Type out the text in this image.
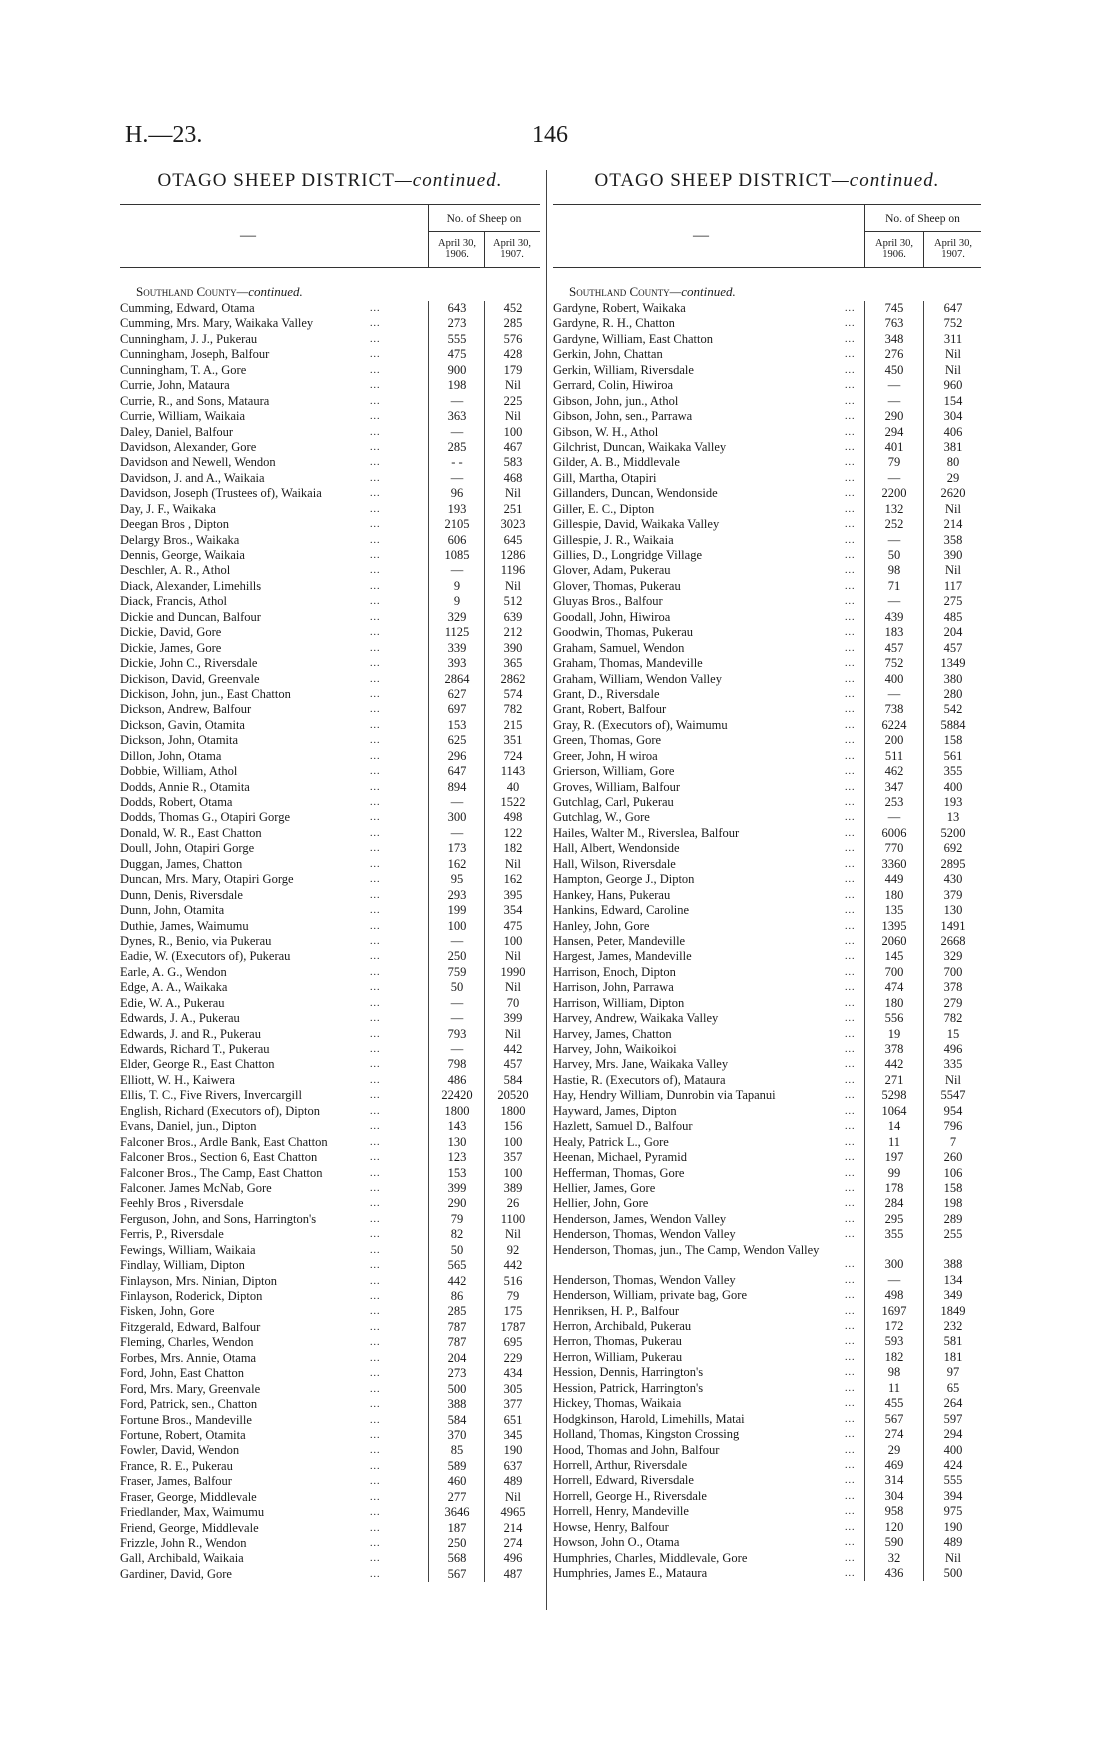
H.—23.	146
OTAGO SHEEP DISTRICT—continued.
—
No. of Sheep on
April 30, 1906.
April 30, 1907.
Southland County—continued.
Cumming, Edward, Otama	...	643	452
Cumming, Mrs. Mary, Waikaka Valley	...	273	285
Cunningham, J. J., Pukerau	...	555	576
Cunningham, Joseph, Balfour	...	475	428
Cunningham, T. A., Gore	...	900	179
Currie, John, Mataura	...	198	Nil
Currie, R., and Sons, Mataura	...	—	225
Currie, William, Waikaia	...	363	Nil
Daley, Daniel, Balfour	...	—	100
Davidson, Alexander, Gore	...	285	467
Davidson and Newell, Wendon	...	- -	583
Davidson, J. and A., Waikaia	...	—	468
Davidson, Joseph (Trustees of), Waikaia	...	96	Nil
Day, J. F., Waikaka	...	193	251
Deegan Bros , Dipton	...	2105	3023
Delargy Bros., Waikaka	...	606	645
Dennis, George, Waikaia	...	1085	1286
Deschler, A. R., Athol	...	—	1196
Diack, Alexander, Limehills	...	9	Nil
Diack, Francis, Athol	...	9	512
Dickie and Duncan, Balfour	...	329	639
Dickie, David, Gore	...	1125	212
Dickie, James, Gore	...	339	390
Dickie, John C., Riversdale	...	393	365
Dickison, David, Greenvale	...	2864	2862
Dickison, John, jun., East Chatton	...	627	574
Dickson, Andrew, Balfour	...	697	782
Dickson, Gavin, Otamita	...	153	215
Dickson, John, Otamita	...	625	351
Dillon, John, Otama	...	296	724
Dobbie, William, Athol	...	647	1143
Dodds, Annie R., Otamita	...	894	40
Dodds, Robert, Otama	...	—	1522
Dodds, Thomas G., Otapiri Gorge	...	300	498
Donald, W. R., East Chatton	...	—	122
Doull, John, Otapiri Gorge	...	173	182
Duggan, James, Chatton	...	162	Nil
Duncan, Mrs. Mary, Otapiri Gorge	...	95	162
Dunn, Denis, Riversdale	...	293	395
Dunn, John, Otamita	...	199	354
Duthie, James, Waimumu	...	100	475
Dynes, R., Benio, via Pukerau	...	—	100
Eadie, W. (Executors of), Pukerau	...	250	Nil
Earle, A. G., Wendon	...	759	1990
Edge, A. A., Waikaka	...	50	Nil
Edie, W. A., Pukerau	...	—	70
Edwards, J. A., Pukerau	...	—	399
Edwards, J. and R., Pukerau	...	793	Nil
Edwards, Richard T., Pukerau	...	—	442
Elder, George R., East Chatton	...	798	457
Elliott, W. H., Kaiwera	...	486	584
Ellis, T. C., Five Rivers, Invercargill	...	22420	20520
English, Richard (Executors of), Dipton	...	1800	1800
Evans, Daniel, jun., Dipton	...	143	156
Falconer Bros., Ardle Bank, East Chatton	...	130	100
Falconer Bros., Section 6, East Chatton	...	123	357
Falconer Bros., The Camp, East Chatton	...	153	100
Falconer. James McNab, Gore	...	399	389
Feehly Bros , Riversdale	...	290	26
Ferguson, John, and Sons, Harrington's	...	79	1100
Ferris, P., Riversdale	...	82	Nil
Fewings, William, Waikaia	...	50	92
Findlay, William, Dipton	...	565	442
Finlayson, Mrs. Ninian, Dipton	...	442	516
Finlayson, Roderick, Dipton	...	86	79
Fisken, John, Gore	...	285	175
Fitzgerald, Edward, Balfour	...	787	1787
Fleming, Charles, Wendon	...	787	695
Forbes, Mrs. Annie, Otama	...	204	229
Ford, John, East Chatton	...	273	434
Ford, Mrs. Mary, Greenvale	...	500	305
Ford, Patrick, sen., Chatton	...	388	377
Fortune Bros., Mandeville	...	584	651
Fortune, Robert, Otamita	...	370	345
Fowler, David, Wendon	...	85	190
France, R. E., Pukerau	...	589	637
Fraser, James, Balfour	...	460	489
Fraser, George, Middlevale	...	277	Nil
Friedlander, Max, Waimumu	...	3646	4965
Friend, George, Middlevale	...	187	214
Frizzle, John R., Wendon	...	250	274
Gall, Archibald, Waikaia	...	568	496
Gardiner, David, Gore	...	567	487
OTAGO SHEEP DISTRICT—continued.
—
No. of Sheep on
April 30, 1906.
April 30, 1907.
Southland County—continued.
Gardyne, Robert, Waikaka	...	745	647
Gardyne, R. H., Chatton	...	763	752
Gardyne, William, East Chatton	...	348	311
Gerkin, John, Chattan	...	276	Nil
Gerkin, William, Riversdale	...	450	Nil
Gerrard, Colin, Hiwiroa	...	—	960
Gibson, John, jun., Athol	...	—	154
Gibson, John, sen., Parrawa	...	290	304
Gibson, W. H., Athol	...	294	406
Gilchrist, Duncan, Waikaka Valley	...	401	381
Gilder, A. B., Middlevale	...	79	80
Gill, Martha, Otapiri	...	—	29
Gillanders, Duncan, Wendonside	...	2200	2620
Giller, E. C., Dipton	...	132	Nil
Gillespie, David, Waikaka Valley	...	252	214
Gillespie, J. R., Waikaia	...	—	358
Gillies, D., Longridge Village	...	50	390
Glover, Adam, Pukerau	...	98	Nil
Glover, Thomas, Pukerau	...	71	117
Gluyas Bros., Balfour	...	—	275
Goodall, John, Hiwiroa	...	439	485
Goodwin, Thomas, Pukerau	...	183	204
Graham, Samuel, Wendon	...	457	457
Graham, Thomas, Mandeville	...	752	1349
Graham, William, Wendon Valley	...	400	380
Grant, D., Riversdale	...	—	280
Grant, Robert, Balfour	...	738	542
Gray, R. (Executors of), Waimumu	...	6224	5884
Green, Thomas, Gore	...	200	158
Greer, John, H wiroa	...	511	561
Grierson, William, Gore	...	462	355
Groves, William, Balfour	...	347	400
Gutchlag, Carl, Pukerau	...	253	193
Gutchlag, W., Gore	...	—	13
Hailes, Walter M., Riverslea, Balfour	...	6006	5200
Hall, Albert, Wendonside	...	770	692
Hall, Wilson, Riversdale	...	3360	2895
Hampton, George J., Dipton	...	449	430
Hankey, Hans, Pukerau	...	180	379
Hankins, Edward, Caroline	...	135	130
Hanley, John, Gore	...	1395	1491
Hansen, Peter, Mandeville	...	2060	2668
Hargest, James, Mandeville	...	145	329
Harrison, Enoch, Dipton	...	700	700
Harrison, John, Parrawa	...	474	378
Harrison, William, Dipton	...	180	279
Harvey, Andrew, Waikaka Valley	...	556	782
Harvey, James, Chatton	...	19	15
Harvey, John, Waikoikoi	...	378	496
Harvey, Mrs. Jane, Waikaka Valley	...	442	335
Hastie, R. (Executors of), Mataura	...	271	Nil
Hay, Hendry William, Dunrobin via Tapanui	...	5298	5547
Hayward, James, Dipton	...	1064	954
Hazlett, Samuel D., Balfour	...	14	796
Healy, Patrick L., Gore	...	11	7
Heenan, Michael, Pyramid	...	197	260
Hefferman, Thomas, Gore	...	99	106
Hellier, James, Gore	...	178	158
Hellier, John, Gore	...	284	198
Henderson, James, Wendon Valley	...	295	289
Henderson, Thomas, Wendon Valley	...	355	255
Henderson, Thomas, jun., The Camp, Wendon Valley
...	300	388
Henderson, Thomas, Wendon Valley	...	—	134
Henderson, William, private bag, Gore	...	498	349
Henriksen, H. P., Balfour	...	1697	1849
Herron, Archibald, Pukerau	...	172	232
Herron, Thomas, Pukerau	...	593	581
Herron, William, Pukerau	...	182	181
Hession, Dennis, Harrington's	...	98	97
Hession, Patrick, Harrington's	...	11	65
Hickey, Thomas, Waikaia	...	455	264
Hodgkinson, Harold, Limehills, Matai	...	567	597
Holland, Thomas, Kingston Crossing	...	274	294
Hood, Thomas and John, Balfour	...	29	400
Horrell, Arthur, Riversdale	...	469	424
Horrell, Edward, Riversdale	...	314	555
Horrell, George H., Riversdale	...	304	394
Horrell, Henry, Mandeville	...	958	975
Howse, Henry, Balfour	...	120	190
Howson, John O., Otama	...	590	489
Humphries, Charles, Middlevale, Gore	...	32	Nil
Humphries, James E., Mataura	...	436	500
